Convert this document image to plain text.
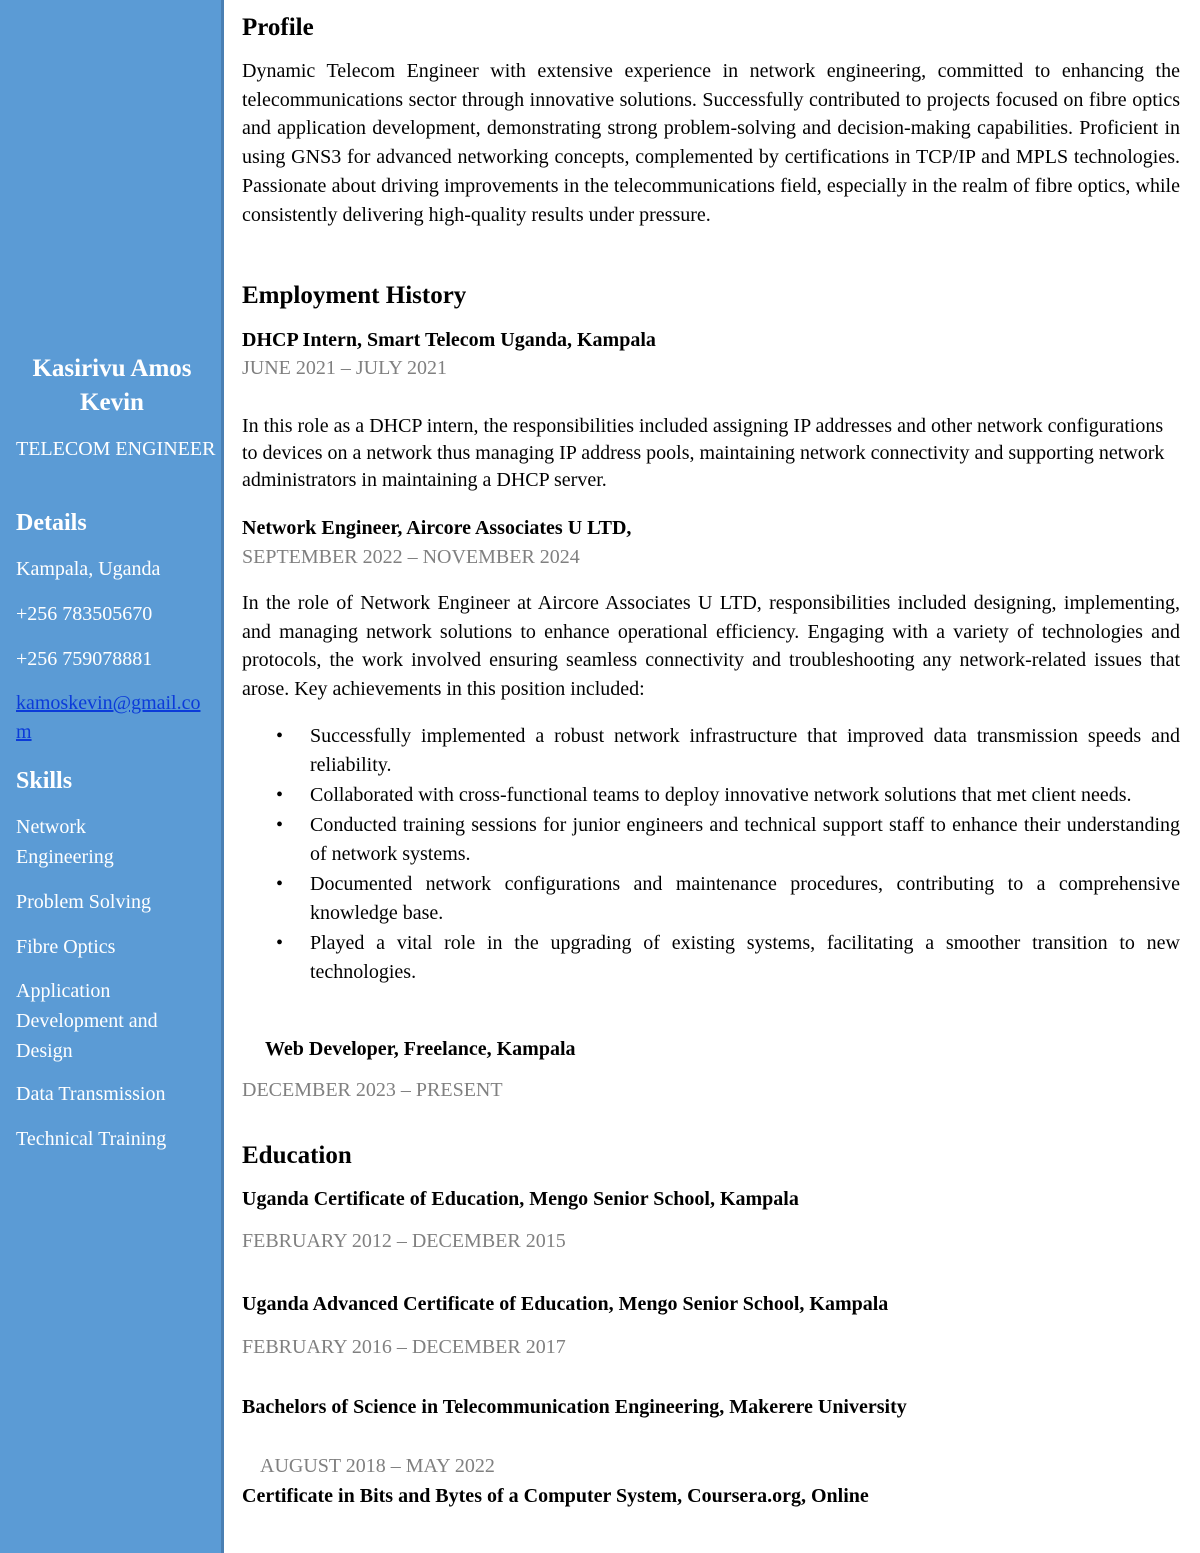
Kasirivu Amos Kevin
TELECOM ENGINEER
Details
Kampala, Uganda
+256 783505670
+256 759078881
kamoskevin@gmail.com
Skills
Network Engineering
Problem Solving
Fibre Optics
Application Development and Design
Data Transmission
Technical Training
Profile
Dynamic Telecom Engineer with extensive experience in network engineering, committed to enhancing the telecommunications sector through innovative solutions. Successfully contributed to projects focused on fibre optics and application development, demonstrating strong problem-solving and decision-making capabilities. Proficient in using GNS3 for advanced networking concepts, complemented by certifications in TCP/IP and MPLS technologies. Passionate about driving improvements in the telecommunications field, especially in the realm of fibre optics, while consistently delivering high-quality results under pressure.
Employment History
DHCP Intern, Smart Telecom Uganda, Kampala
JUNE 2021 – JULY 2021
In this role as a DHCP intern, the responsibilities included assigning IP addresses and other network configurations to devices on a network thus managing IP address pools, maintaining network connectivity and supporting network administrators in maintaining a DHCP server.
Network Engineer, Aircore Associates U LTD,
SEPTEMBER 2022 – NOVEMBER 2024
In the role of Network Engineer at Aircore Associates U LTD, responsibilities included designing, implementing, and managing network solutions to enhance operational efficiency. Engaging with a variety of technologies and protocols, the work involved ensuring seamless connectivity and troubleshooting any network-related issues that arose. Key achievements in this position included:
• Successfully implemented a robust network infrastructure that improved data transmission speeds and reliability.
• Collaborated with cross-functional teams to deploy innovative network solutions that met client needs.
• Conducted training sessions for junior engineers and technical support staff to enhance their understanding of network systems.
• Documented network configurations and maintenance procedures, contributing to a comprehensive knowledge base.
• Played a vital role in the upgrading of existing systems, facilitating a smoother transition to new technologies.
Web Developer, Freelance, Kampala
DECEMBER 2023 – PRESENT
Education
Uganda Certificate of Education, Mengo Senior School, Kampala
FEBRUARY 2012 – DECEMBER 2015
Uganda Advanced Certificate of Education, Mengo Senior School, Kampala
FEBRUARY 2016 – DECEMBER 2017
Bachelors of Science in Telecommunication Engineering, Makerere University
AUGUST 2018 – MAY 2022
Certificate in Bits and Bytes of a Computer System, Coursera.org, Online
